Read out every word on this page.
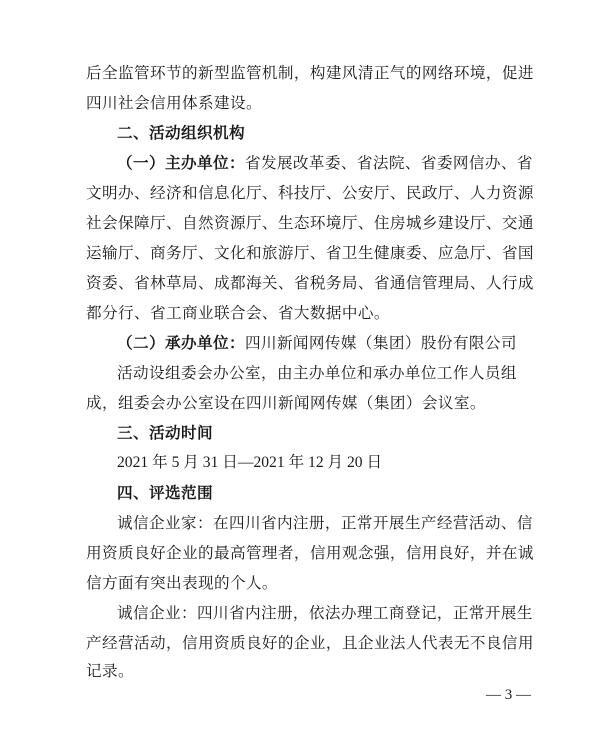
后全监管环节的新型监管机制，构建风清正气的网络环境，促进
四川社会信用体系建设。
二、活动组织机构
（一）主办单位：省发展改革委、省法院、省委网信办、省
文明办、经济和信息化厅、科技厅、公安厅、民政厅、人力资源
社会保障厅、自然资源厅、生态环境厅、住房城乡建设厅、交通
运输厅、商务厅、文化和旅游厅、省卫生健康委、应急厅、省国
资委、省林草局、成都海关、省税务局、省通信管理局、人行成
都分行、省工商业联合会、省大数据中心。
（二）承办单位：四川新闻网传媒（集团）股份有限公司
活动设组委会办公室，由主办单位和承办单位工作人员组
成，组委会办公室设在四川新闻网传媒（集团）会议室。
三、活动时间
2021 年 5 月 31 日—2021 年 12 月 20 日
四、评选范围
诚信企业家：在四川省内注册，正常开展生产经营活动、信
用资质良好企业的最高管理者，信用观念强，信用良好，并在诚
信方面有突出表现的个人。
诚信企业：四川省内注册，依法办理工商登记，正常开展生
产经营活动，信用资质良好的企业，且企业法人代表无不良信用
记录。
— 3 —
